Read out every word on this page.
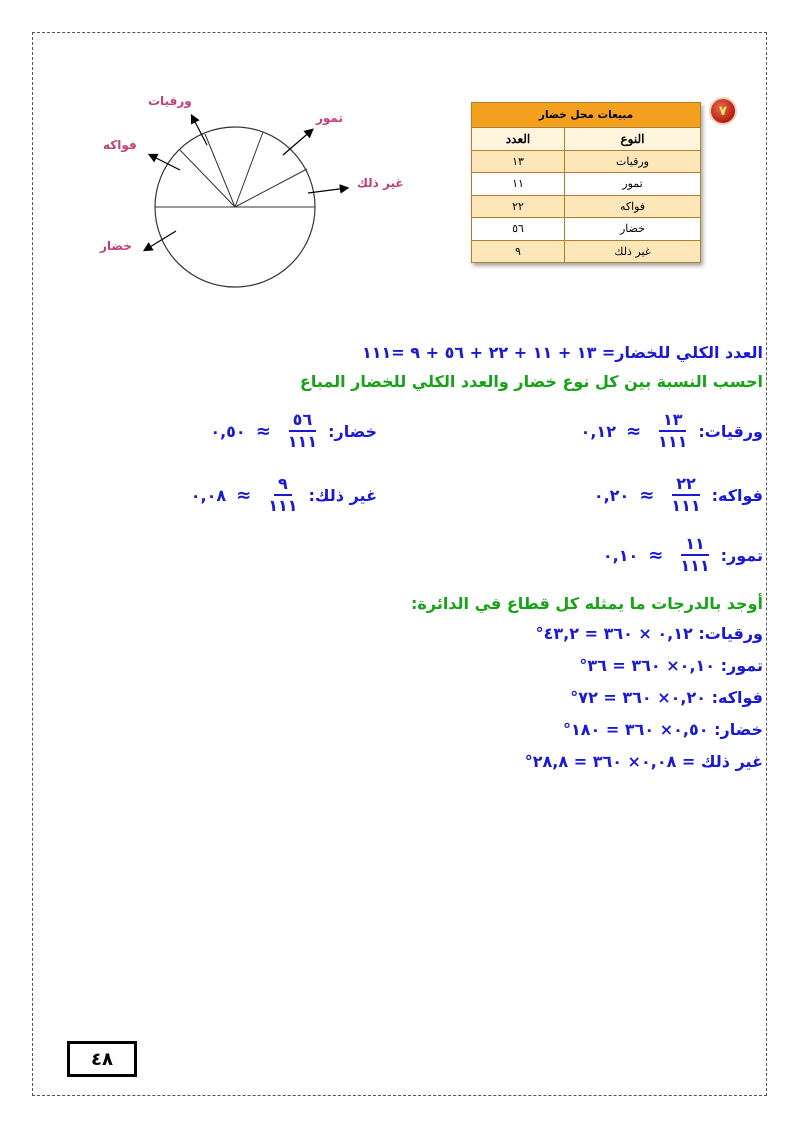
ورقيات
تمور
فواكه
غير ذلك
خضار
٧
مبيعات محل خضار	
النوع	العدد
ورقيات	١٣
تمور	١١
فواكه	٢٢
خضار	٥٦
غير ذلك	٩
العدد الكلي للخضار= ١٣ + ١١ + ٢٢ + ٥٦ + ٩ =١١١
احسب النسبة بين كل نوع خضار والعدد الكلي للخضار المباع
ورقيات:
$\frac{١٣}{١١١}$
≈
٠,١٢
خضار:
$\frac{٥٦}{١١١}$
≈
٠,٥٠
فواكه:
$\frac{٢٢}{١١١}$
≈
٠,٢٠
غير ذلك:
$\frac{٩}{١١١}$
≈
٠,٠٨
تمور:
$\frac{١١}{١١١}$
≈
٠,١٠
أوجد بالدرجات ما يمثله كل قطاع في الدائرة:
ورقيات: ٠,١٢ × ٣٦٠ = ٤٣,٢°
تمور: ٠,١٠× ٣٦٠ = ٣٦°
فواكه: ٠,٢٠× ٣٦٠ = ٧٢°
خضار: ٠,٥٠× ٣٦٠ = ١٨٠°
غير ذلك = ٠,٠٨× ٣٦٠ = ٢٨,٨°
٤٨
